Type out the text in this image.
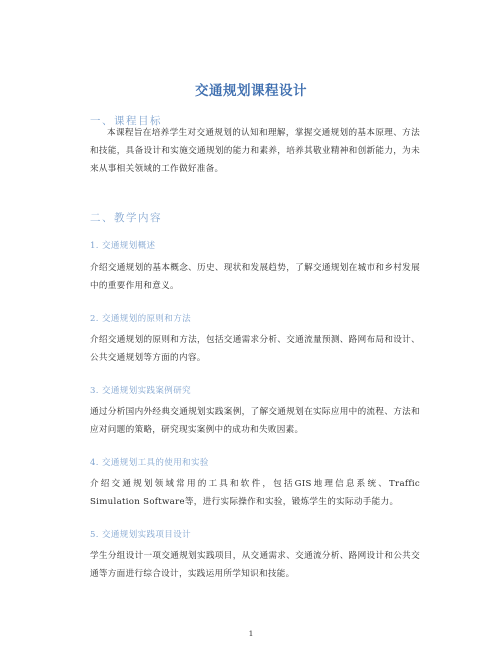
交通规划课程设计
一、课程目标
本课程旨在培养学生对交通规划的认知和理解，掌握交通规划的基本原理、方法和技能，具备设计和实施交通规划的能力和素养，培养其敬业精神和创新能力，为未来从事相关领域的工作做好准备。
二、教学内容
1. 交通规划概述
介绍交通规划的基本概念、历史、现状和发展趋势，了解交通规划在城市和乡村发展中的重要作用和意义。
2. 交通规划的原则和方法
介绍交通规划的原则和方法，包括交通需求分析、交通流量预测、路网布局和设计、公共交通规划等方面的内容。
3. 交通规划实践案例研究
通过分析国内外经典交通规划实践案例，了解交通规划在实际应用中的流程、方法和应对问题的策略，研究现实案例中的成功和失败因素。
4. 交通规划工具的使用和实验
介绍交通规划领域常用的工具和软件，包括GIS地理信息系统、Traffic Simulation Software等，进行实际操作和实验，锻炼学生的实际动手能力。
5. 交通规划实践项目设计
学生分组设计一项交通规划实践项目，从交通需求、交通流分析、路网设计和公共交通等方面进行综合设计，实践运用所学知识和技能。
1
